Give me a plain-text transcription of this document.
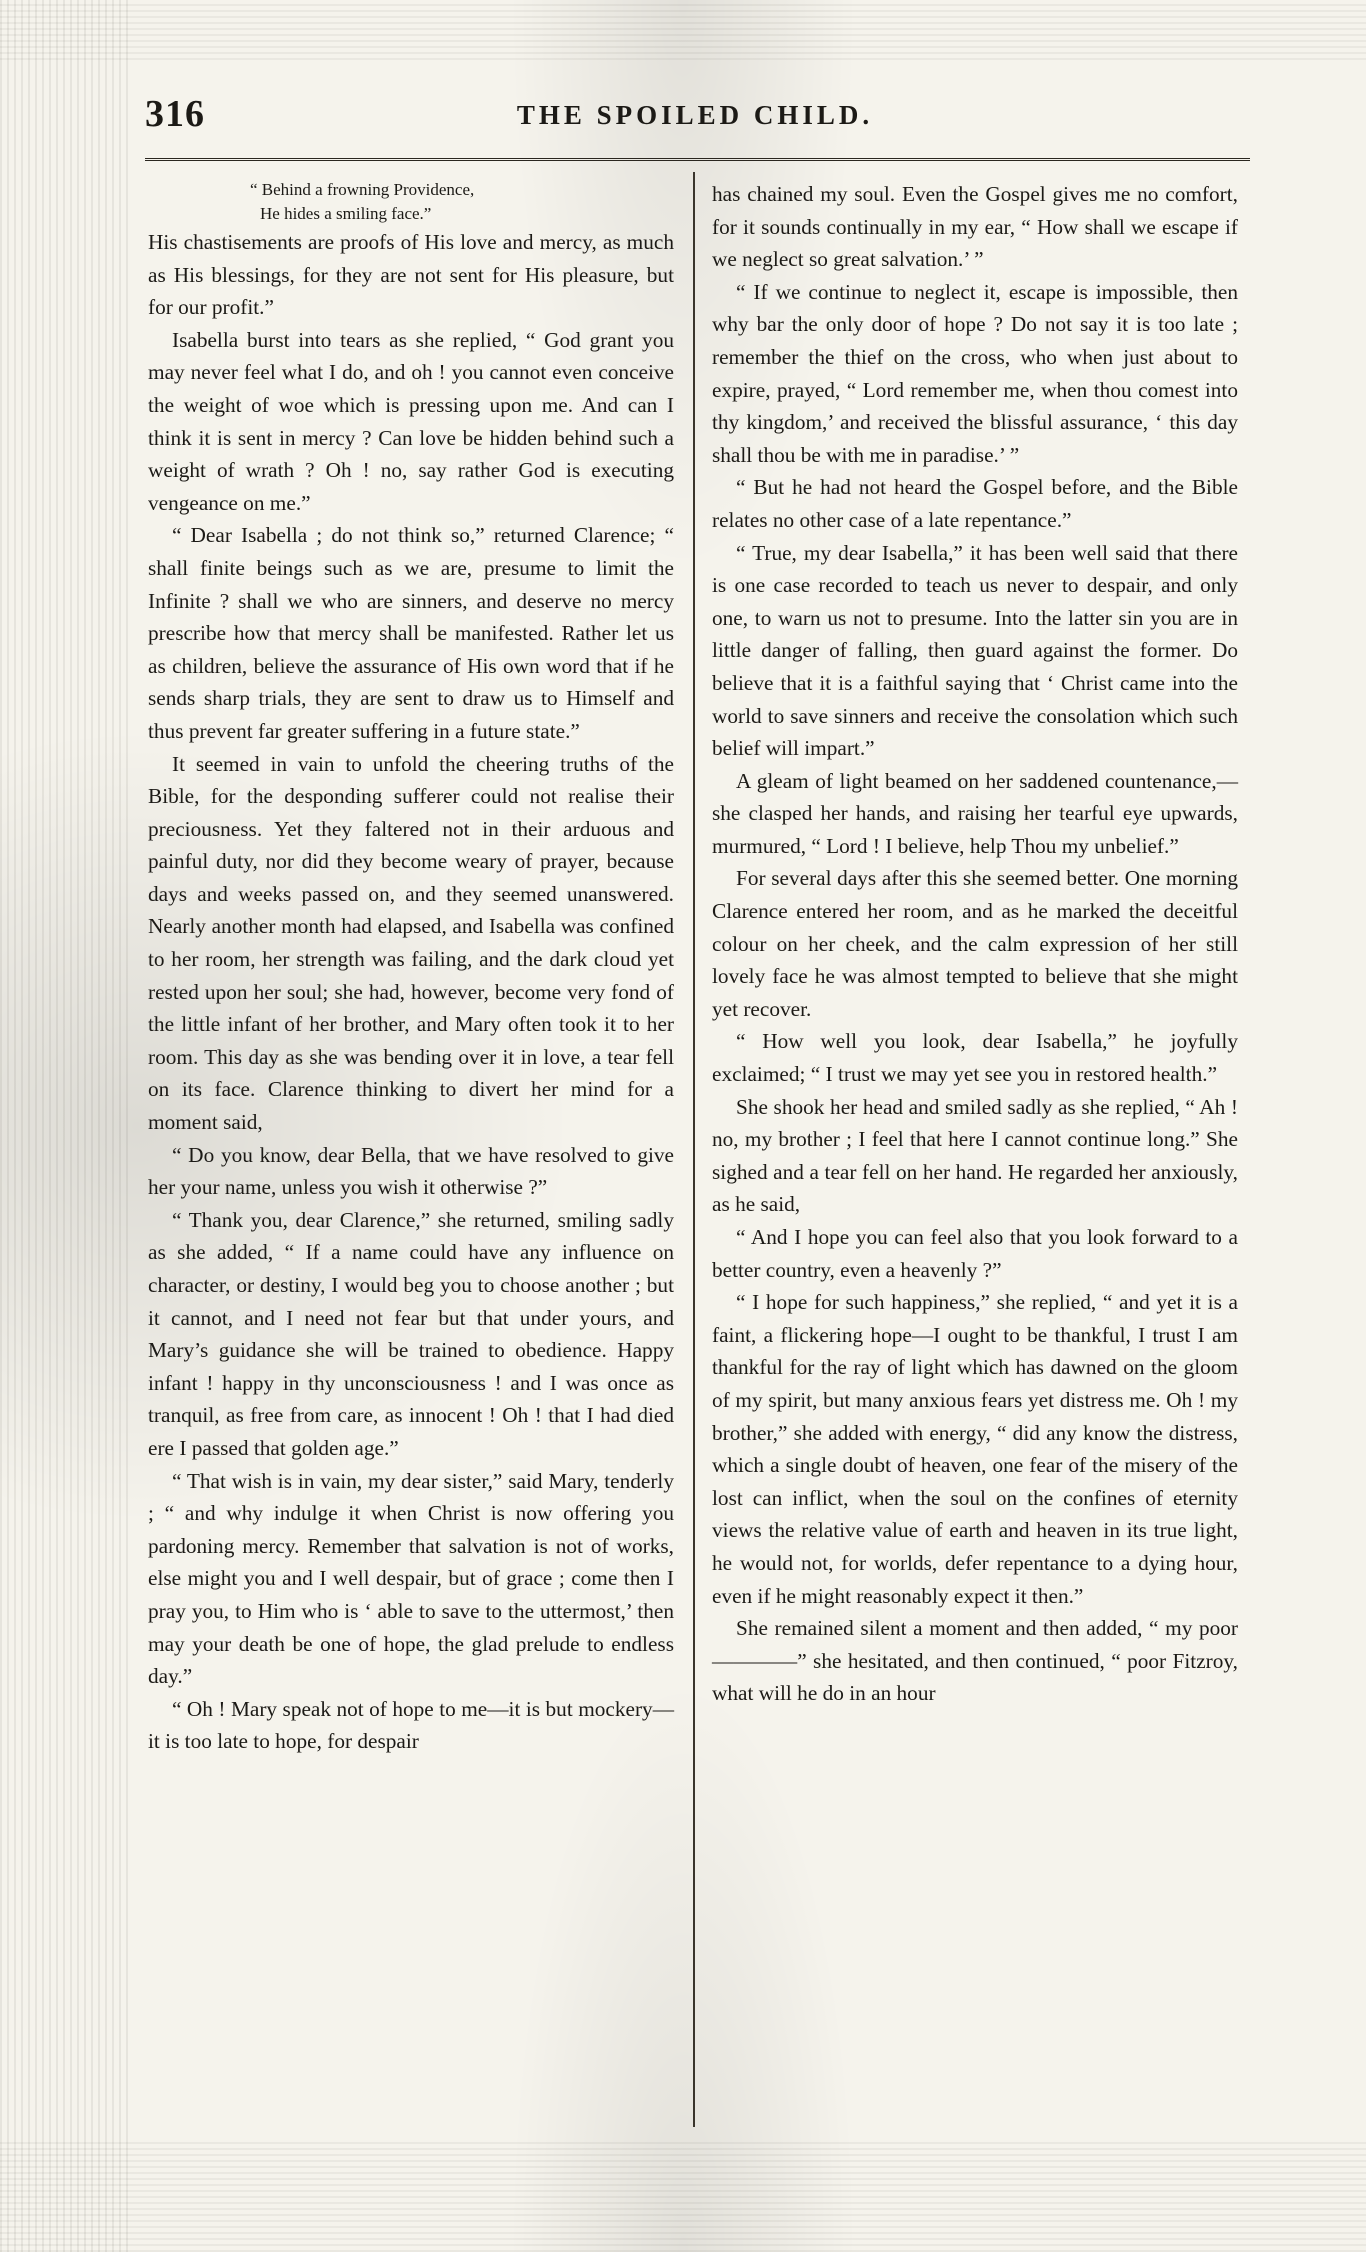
316	THE SPOILED CHILD.
“ Behind a frowning Providence,
He hides a smiling face.”

His chastisements are proofs of His love and mercy, as much as His blessings, for they are not sent for His pleasure, but for our profit.”

Isabella burst into tears as she replied, “ God grant you may never feel what I do, and oh ! you cannot even conceive the weight of woe which is pressing upon me. And can I think it is sent in mercy ? Can love be hidden behind such a weight of wrath ? Oh ! no, say rather God is executing vengeance on me.”

“ Dear Isabella ; do not think so,” returned Clarence; “ shall finite beings such as we are, presume to limit the Infinite ? shall we who are sinners, and deserve no mercy prescribe how that mercy shall be manifested. Rather let us as children, believe the assurance of His own word that if he sends sharp trials, they are sent to draw us to Himself and thus prevent far greater suffering in a future state.”

It seemed in vain to unfold the cheering truths of the Bible, for the desponding sufferer could not realise their preciousness. Yet they faltered not in their arduous and painful duty, nor did they become weary of prayer, because days and weeks passed on, and they seemed unanswered. Nearly another month had elapsed, and Isabella was confined to her room, her strength was failing, and the dark cloud yet rested upon her soul; she had, however, become very fond of the little infant of her brother, and Mary often took it to her room. This day as she was bending over it in love, a tear fell on its face. Clarence thinking to divert her mind for a moment said,

“ Do you know, dear Bella, that we have resolved to give her your name, unless you wish it otherwise ?”

“ Thank you, dear Clarence,” she returned, smiling sadly as she added, “ If a name could have any influence on character, or destiny, I would beg you to choose another ; but it cannot, and I need not fear but that under yours, and Mary’s guidance she will be trained to obedience. Happy infant ! happy in thy unconsciousness ! and I was once as tranquil, as free from care, as innocent ! Oh ! that I had died ere I passed that golden age.”

“ That wish is in vain, my dear sister,” said Mary, tenderly ; “ and why indulge it when Christ is now offering you pardoning mercy. Remember that salvation is not of works, else might you and I well despair, but of grace ; come then I pray you, to Him who is ‘ able to save to the uttermost,’ then may your death be one of hope, the glad prelude to endless day.”

“ Oh ! Mary speak not of hope to me—it is but mockery—it is too late to hope, for despair

has chained my soul. Even the Gospel gives me no comfort, for it sounds continually in my ear, “ How shall we escape if we neglect so great salvation.’ ”

“ If we continue to neglect it, escape is impossible, then why bar the only door of hope ? Do not say it is too late ; remember the thief on the cross, who when just about to expire, prayed, “ Lord remember me, when thou comest into thy kingdom,’ and received the blissful assurance, ‘ this day shall thou be with me in paradise.’ ”

“ But he had not heard the Gospel before, and the Bible relates no other case of a late repentance.”

“ True, my dear Isabella,” it has been well said that there is one case recorded to teach us never to despair, and only one, to warn us not to presume. Into the latter sin you are in little danger of falling, then guard against the former. Do believe that it is a faithful saying that ‘ Christ came into the world to save sinners and receive the consolation which such belief will impart.”

A gleam of light beamed on her saddened countenance,—she clasped her hands, and raising her tearful eye upwards, murmured, “ Lord ! I believe, help Thou my unbelief.”

For several days after this she seemed better. One morning Clarence entered her room, and as he marked the deceitful colour on her cheek, and the calm expression of her still lovely face he was almost tempted to believe that she might yet recover.

“ How well you look, dear Isabella,” he joyfully exclaimed; “ I trust we may yet see you in restored health.”

She shook her head and smiled sadly as she replied, “ Ah ! no, my brother ; I feel that here I cannot continue long.” She sighed and a tear fell on her hand. He regarded her anxiously, as he said,

“ And I hope you can feel also that you look forward to a better country, even a heavenly ?”

“ I hope for such happiness,” she replied, “ and yet it is a faint, a flickering hope—I ought to be thankful, I trust I am thankful for the ray of light which has dawned on the gloom of my spirit, but many anxious fears yet distress me. Oh ! my brother,” she added with energy, “ did any know the distress, which a single doubt of heaven, one fear of the misery of the lost can inflict, when the soul on the confines of eternity views the relative value of earth and heaven in its true light, he would not, for worlds, defer repentance to a dying hour, even if he might reasonably expect it then.”

She remained silent a moment and then added, “ my poor ————” she hesitated, and then continued, “ poor Fitzroy, what will he do in an hour
